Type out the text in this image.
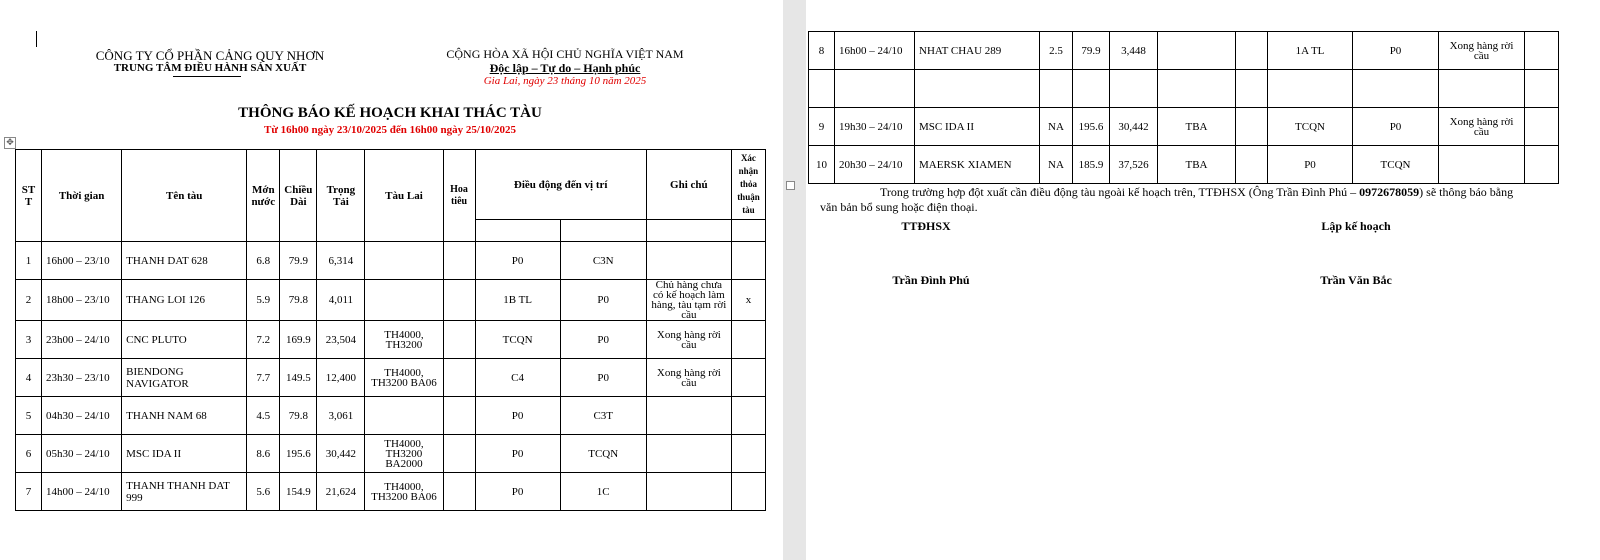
CÔNG TY CỔ PHẦN CẢNG QUY NHƠN
TRUNG TÂM ĐIỀU HÀNH SẢN XUẤT
CỘNG HÒA XÃ HỘI CHỦ NGHĨA VIỆT NAM
Độc lập – Tự do – Hạnh phúc
Gia Lai, ngày 23 tháng 10 năm 2025
THÔNG BÁO KẾ HOẠCH KHAI THÁC TÀU
Từ 16h00 ngày 23/10/2025 đến 16h00 ngày 25/10/2025
✥
ST T	Thời gian	Tên tàu	Mớn nước	Chiều Dài	Trọng Tải	Tàu Lai	Hoa tiêu	Điều động đến vị trí		Ghi chú	Xác nhận thỏa thuận tàu

1	16h00 – 23/10	THANH DAT 628	6.8	79.9	6,314			P0	C3N		
2	18h00 – 23/10	THANG LOI 126	5.9	79.8	4,011			1B TL	P0	Chủ hàng chưa có kế hoạch làm hàng, tàu tạm rời cầu	x
3	23h00 – 24/10	CNC PLUTO	7.2	169.9	23,504	TH4000, TH3200		TCQN	P0	Xong hàng rời cầu	
4	23h30 – 23/10	BIENDONG NAVIGATOR	7.7	149.5	12,400	TH4000, TH3200 BA06		C4	P0	Xong hàng rời cầu	
5	04h30 – 24/10	THANH NAM 68	4.5	79.8	3,061			P0	C3T		
6	05h30 – 24/10	MSC IDA II	8.6	195.6	30,442	TH4000, TH3200 BA2000		P0	TCQN		
7	14h00 – 24/10	THANH THANH DAT 999	5.6	154.9	21,624	TH4000, TH3200 BA06		P0	1C		
8	16h00 – 24/10	NHAT CHAU 289	2.5	79.9	3,448			1A TL	P0	Xong hàng rời cầu	

9	19h30 – 24/10	MSC IDA II	NA	195.6	30,442	TBA		TCQN	P0	Xong hàng rời cầu	
10	20h30 – 24/10	MAERSK XIAMEN	NA	185.9	37,526	TBA		P0	TCQN		
Trong trường hợp đột xuất cần điều động tàu ngoài kế hoạch trên, TTĐHSX (Ông Trần Đình Phú – 0972678059) sẽ thông báo bằng
văn bản bổ sung hoặc điện thoại.
TTĐHSX	Lập kế hoạch
Trần Đình Phú	Trần Văn Bắc
